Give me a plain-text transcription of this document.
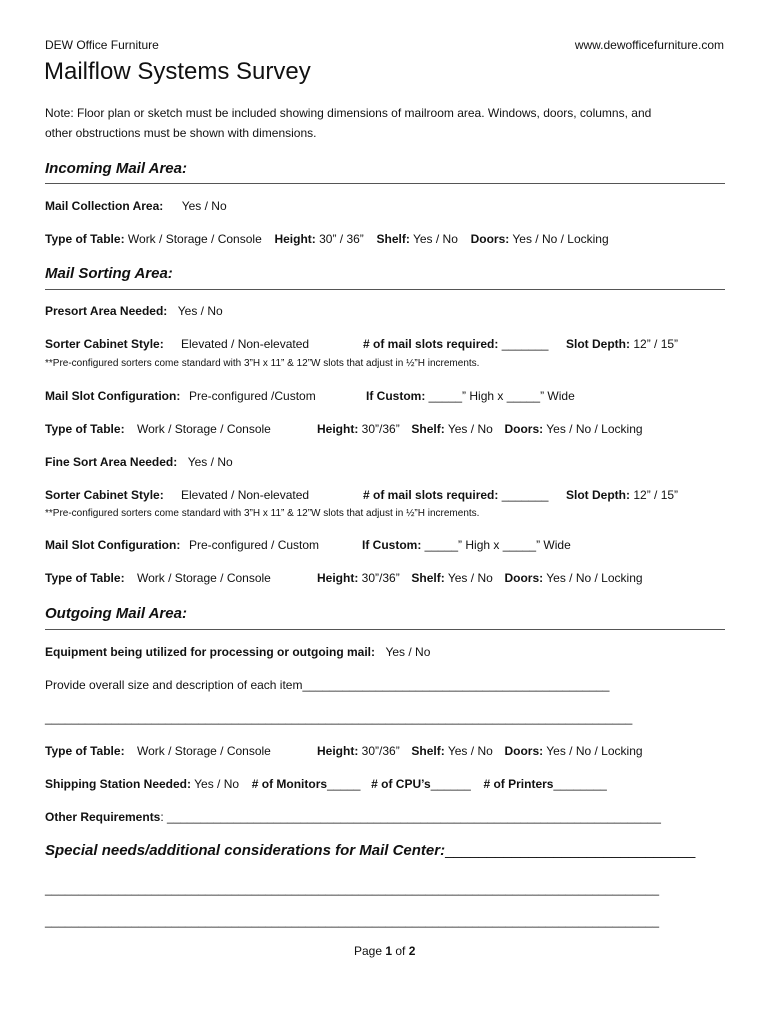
DEW Office Furniture	www.dewofficefurniture.com
Mailflow Systems Survey
Note: Floor plan or sketch must be included showing dimensions of mailroom area. Windows, doors, columns, and
other obstructions must be shown with dimensions.
Incoming Mail Area:
Mail Collection Area: Yes / No
Type of Table: Work / Storage / Console Height: 30” / 36” Shelf: Yes / No Doors: Yes / No / Locking
Mail Sorting Area:
Presort Area Needed: Yes / No
Sorter Cabinet Style: Elevated / Non-elevated	# of mail slots required: _______ Slot Depth: 12” / 15”
**Pre-configured sorters come standard with 3”H x 11” & 12”W slots that adjust in ½”H increments.
Mail Slot Configuration: Pre-configured /Custom	If Custom: _____” High x _____” Wide
Type of Table: Work / Storage / Console	Height: 30”/36” Shelf: Yes / No Doors: Yes / No / Locking
Fine Sort Area Needed: Yes / No
Sorter Cabinet Style: Elevated / Non-elevated	# of mail slots required: _______ Slot Depth: 12” / 15”
**Pre-configured sorters come standard with 3”H x 11” & 12”W slots that adjust in ½”H increments.
Mail Slot Configuration: Pre-configured / Custom	If Custom: _____” High x _____” Wide
Type of Table: Work / Storage / Console	Height: 30”/36” Shelf: Yes / No Doors: Yes / No / Locking
Outgoing Mail Area:
Equipment being utilized for processing or outgoing mail: Yes / No
Provide overall size and description of each item______________________________________________
________________________________________________________________________________________
Type of Table: Work / Storage / Console	Height: 30”/36” Shelf: Yes / No Doors: Yes / No / Locking
Shipping Station Needed: Yes / No # of Monitors_____ # of CPU’s______ # of Printers________
Other Requirements: __________________________________________________________________________
Special needs/additional considerations for Mail Center:______________________________
____________________________________________________________________________________________
____________________________________________________________________________________________
Page 1 of 2
